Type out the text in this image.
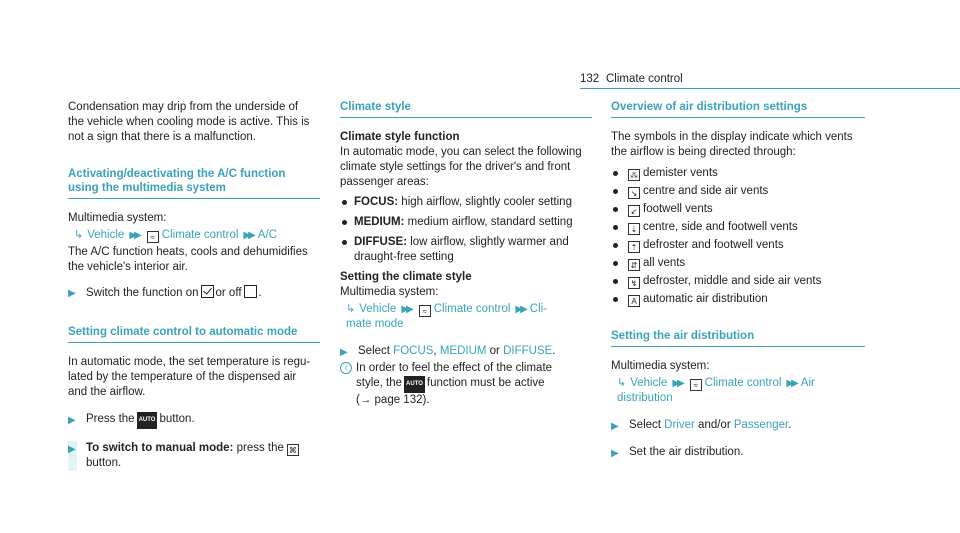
132 Climate control

Condensation may drip from the underside of
the vehicle when cooling mode is active. This is
not a sign that there is a malfunction.

Activating/deactivating the A/C function
using the multimedia system

Multimedia system:

↳ Vehicle ▶▶ ≈ Climate control ▶▶ A/C

The A/C function heats, cools and dehumidifies
the vehicle's interior air.

▶ Switch the function on or off .
Setting climate control to automatic mode

In automatic mode, the set temperature is regu-
lated by the temperature of the dispensed air
and the airflow.

▶ Press the AUTO button.
▶ To switch to manual mode: press the ⌘
button.
Climate style

Climate style function

In automatic mode, you can select the following
climate style settings for the driver's and front
passenger areas:

FOCUS: high airflow, slightly cooler setting
MEDIUM: medium airflow, standard setting
DIFFUSE: low airflow, slightly warmer and
draught-free setting

Setting the climate style

Multimedia system:

↳ Vehicle ▶▶ ≈ Climate control ▶▶ Cli-
mate mode
▶ Select FOCUS, MEDIUM or DIFFUSE.
i In order to feel the effect of the climate
style, the AUTO function must be active
(→ page 132).
Overview of air distribution settings

The symbols in the display indicate which vents
the airflow is being directed through:

⁂ demister vents
↘ centre and side air vents
↙ footwell vents
⇣ centre, side and footwell vents
⇡ defroster and footwell vents
⇵ all vents
↯ defroster, middle and side air vents
A automatic air distribution
Setting the air distribution

Multimedia system:

↳ Vehicle ▶▶ ≈ Climate control ▶▶ Air
distribution
▶ Select Driver and/or Passenger.
▶ Set the air distribution.
